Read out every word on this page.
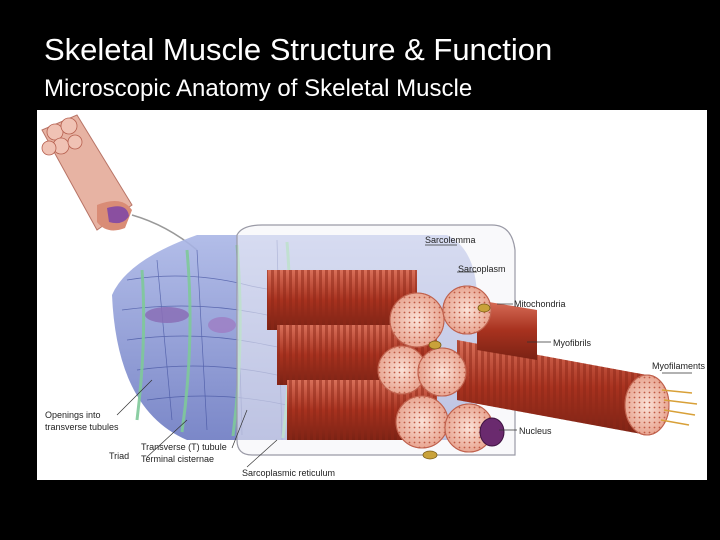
Skeletal Muscle Structure & Function
Microscopic Anatomy of Skeletal Muscle
Sarcolemma
Sarcoplasm
Mitochondria
Myofibrils
Myofilaments
Nucleus
Openings into
transverse tubules
Transverse (T) tubule
Triad Terminal cisternae
Sarcoplasmic reticulum
